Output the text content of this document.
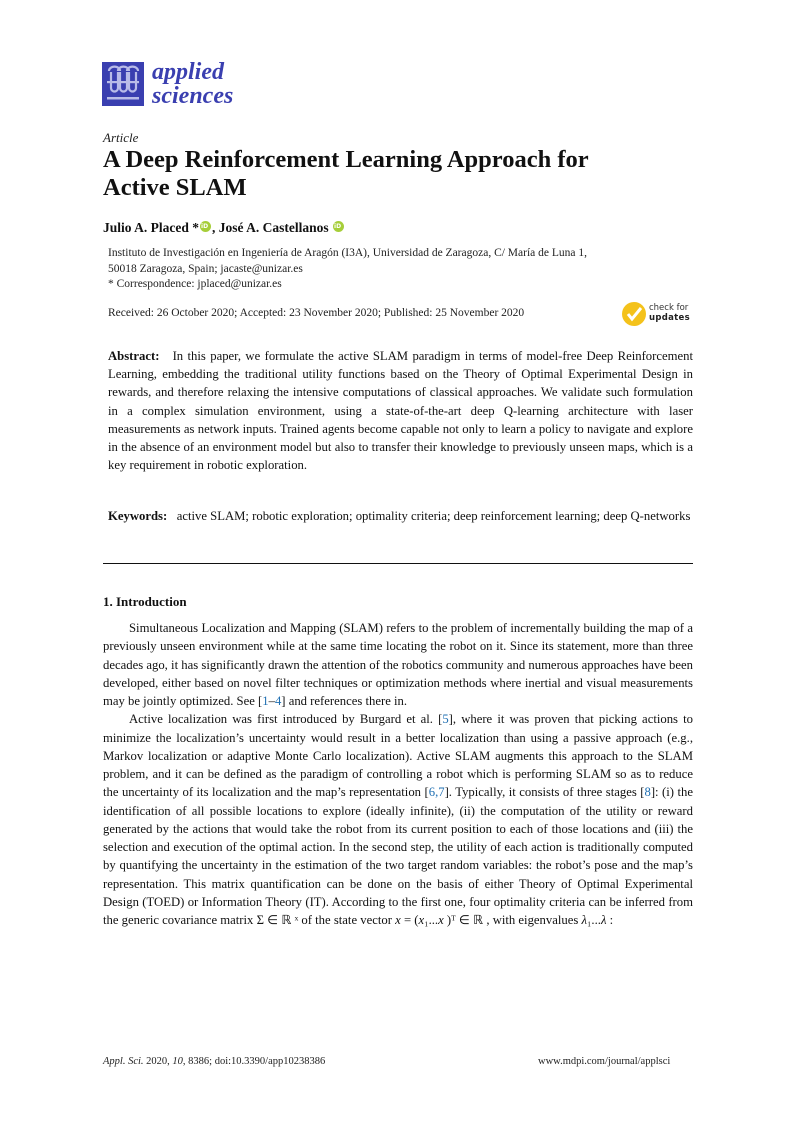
applied
sciences
Article
A Deep Reinforcement Learning Approach for
Active SLAM
Julio A. Placed * iD , José A. Castellanos iD
Instituto de Investigación en Ingeniería de Aragón (I3A), Universidad de Zaragoza, C/ María de Luna 1,
50018 Zaragoza, Spain; jacaste@unizar.es
* Correspondence: jplaced@unizar.es
Received: 26 October 2020; Accepted: 23 November 2020; Published: 25 November 2020	check for
updates
Abstract: In this paper, we formulate the active SLAM paradigm in terms of model-free Deep Reinforcement Learning, embedding the traditional utility functions based on the Theory of Optimal Experimental Design in rewards, and therefore relaxing the intensive computations of classical approaches. We validate such formulation in a complex simulation environment, using a state-of-the-art deep Q-learning architecture with laser measurements as network inputs. Trained agents become capable not only to learn a policy to navigate and explore in the absence of an environment model but also to transfer their knowledge to previously unseen maps, which is a key requirement in robotic exploration.
Keywords: active SLAM; robotic exploration; optimality criteria; deep reinforcement learning; deep Q-networks
1. Introduction

Simultaneous Localization and Mapping (SLAM) refers to the problem of incrementally building the map of a previously unseen environment while at the same time locating the robot on it. Since its statement, more than three decades ago, it has significantly drawn the attention of the robotics community and numerous approaches have been developed, either based on novel filter techniques or optimization methods where inertial and visual measurements may be jointly optimized. See [1–4] and references there in.

Active localization was first introduced by Burgard et al. [5], where it was proven that picking actions to minimize the localization’s uncertainty would result in a better localization than using a passive approach (e.g., Markov localization or adaptive Monte Carlo localization). Active SLAM augments this approach to the SLAM problem, and it can be defined as the paradigm of controlling a robot which is performing SLAM so as to reduce the uncertainty of its localization and the map’s representation [6,7]. Typically, it consists of three stages [8]: (i) the identification of all possible locations to explore (ideally infinite), (ii) the computation of the utility or reward generated by the actions that would take the robot from its current position to each of those locations and (iii) the selection and execution of the optimal action. In the second step, the utility of each action is traditionally computed by quantifying the uncertainty in the estimation of the two target random variables: the robot’s pose and the map’s representation. This matrix quantification can be done on the basis of either Theory of Optimal Experimental Design (TOED) or Information Theory (IT). According to the first one, four optimality criteria can be inferred from the generic covariance matrix Σ ∈ ℝ ˣ of the state vector x = (x₁...x )ᵀ ∈ ℝ , with eigenvalues λ₁...λ :

Appl. Sci. 2020, 10, 8386; doi:10.3390/app10238386	www.mdpi.com/journal/applsci
